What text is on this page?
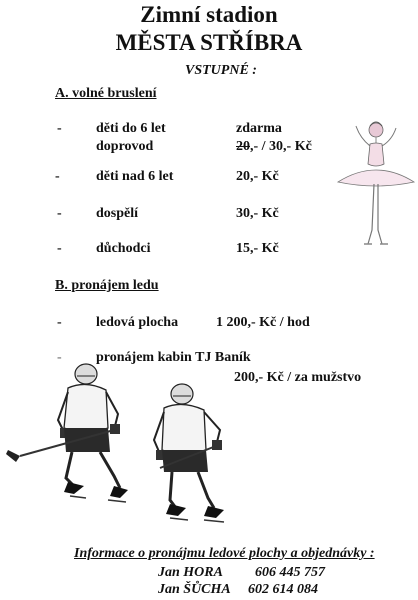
Zimní stadion
MĚSTA STŘÍBRA
VSTUPNÉ :
A. volné bruslení
- děti do 6 let	zdarma
doprovod	20,- / 30,- Kč
-	děti nad 6 let	20,- Kč
- dospělí	30,- Kč
- důchodci	15,- Kč
B. pronájem ledu
- ledová plocha	1 200,- Kč / hod
- pronájem kabin TJ Baník
200,- Kč / za mužstvo
Informace o pronájmu ledové plochy a objednávky :
Jan HORA 606 445 757
Jan ŠŮCHA 602 614 084
